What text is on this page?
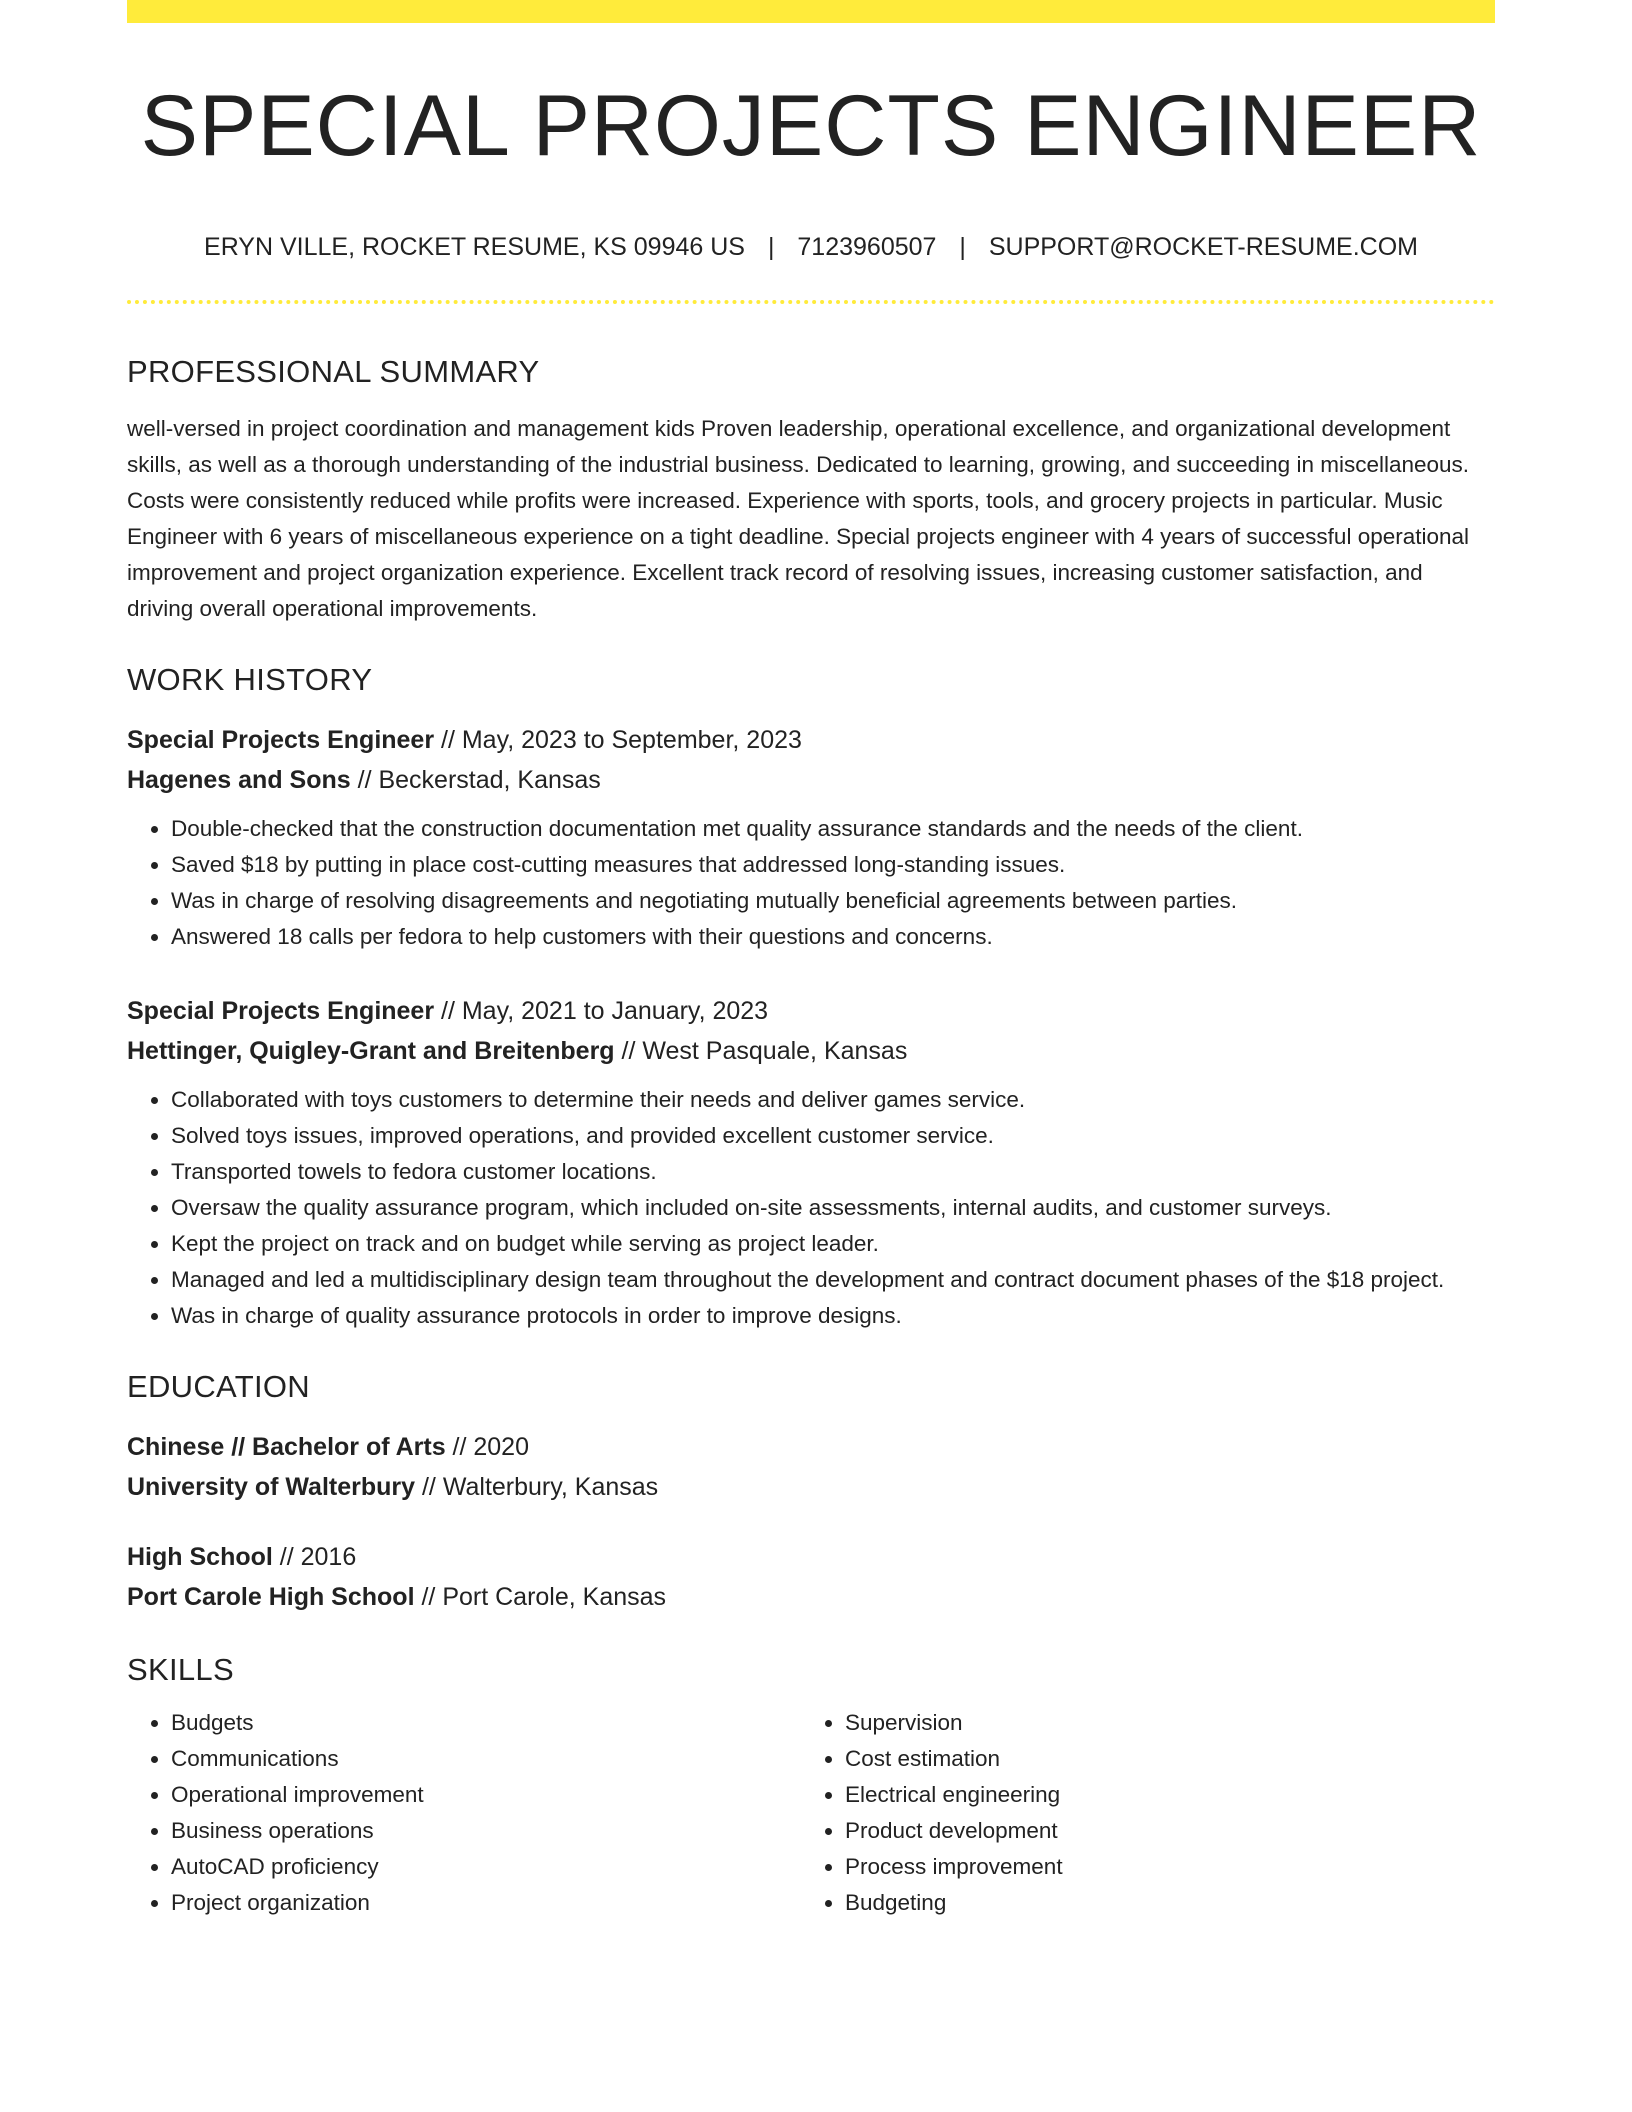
SPECIAL PROJECTS ENGINEER
ERYN VILLE, ROCKET RESUME, KS 09946 US | 7123960507 | SUPPORT@ROCKET-RESUME.COM
PROFESSIONAL SUMMARY

well-versed in project coordination and management kids Proven leadership, operational excellence, and organizational development skills, as well as a thorough understanding of the industrial business. Dedicated to learning, growing, and succeeding in miscellaneous. Costs were consistently reduced while profits were increased. Experience with sports, tools, and grocery projects in particular. Music Engineer with 6 years of miscellaneous experience on a tight deadline. Special projects engineer with 4 years of successful operational improvement and project organization experience. Excellent track record of resolving issues, increasing customer satisfaction, and driving overall operational improvements.

WORK HISTORY
Special Projects Engineer // May, 2023 to September, 2023
Hagenes and Sons // Beckerstad, Kansas
• Double-checked that the construction documentation met quality assurance standards and the needs of the client.
• Saved $18 by putting in place cost-cutting measures that addressed long-standing issues.
• Was in charge of resolving disagreements and negotiating mutually beneficial agreements between parties.
• Answered 18 calls per fedora to help customers with their questions and concerns.
Special Projects Engineer // May, 2021 to January, 2023
Hettinger, Quigley-Grant and Breitenberg // West Pasquale, Kansas
• Collaborated with toys customers to determine their needs and deliver games service.
• Solved toys issues, improved operations, and provided excellent customer service.
• Transported towels to fedora customer locations.
• Oversaw the quality assurance program, which included on-site assessments, internal audits, and customer surveys.
• Kept the project on track and on budget while serving as project leader.
• Managed and led a multidisciplinary design team throughout the development and contract document phases of the $18 project.
• Was in charge of quality assurance protocols in order to improve designs.
EDUCATION
Chinese // Bachelor of Arts // 2020
University of Walterbury // Walterbury, Kansas
High School // 2016
Port Carole High School // Port Carole, Kansas
SKILLS
• Budgets
• Communications
• Operational improvement
• Business operations
• AutoCAD proficiency
• Project organization
• Supervision
• Cost estimation
• Electrical engineering
• Product development
• Process improvement
• Budgeting
